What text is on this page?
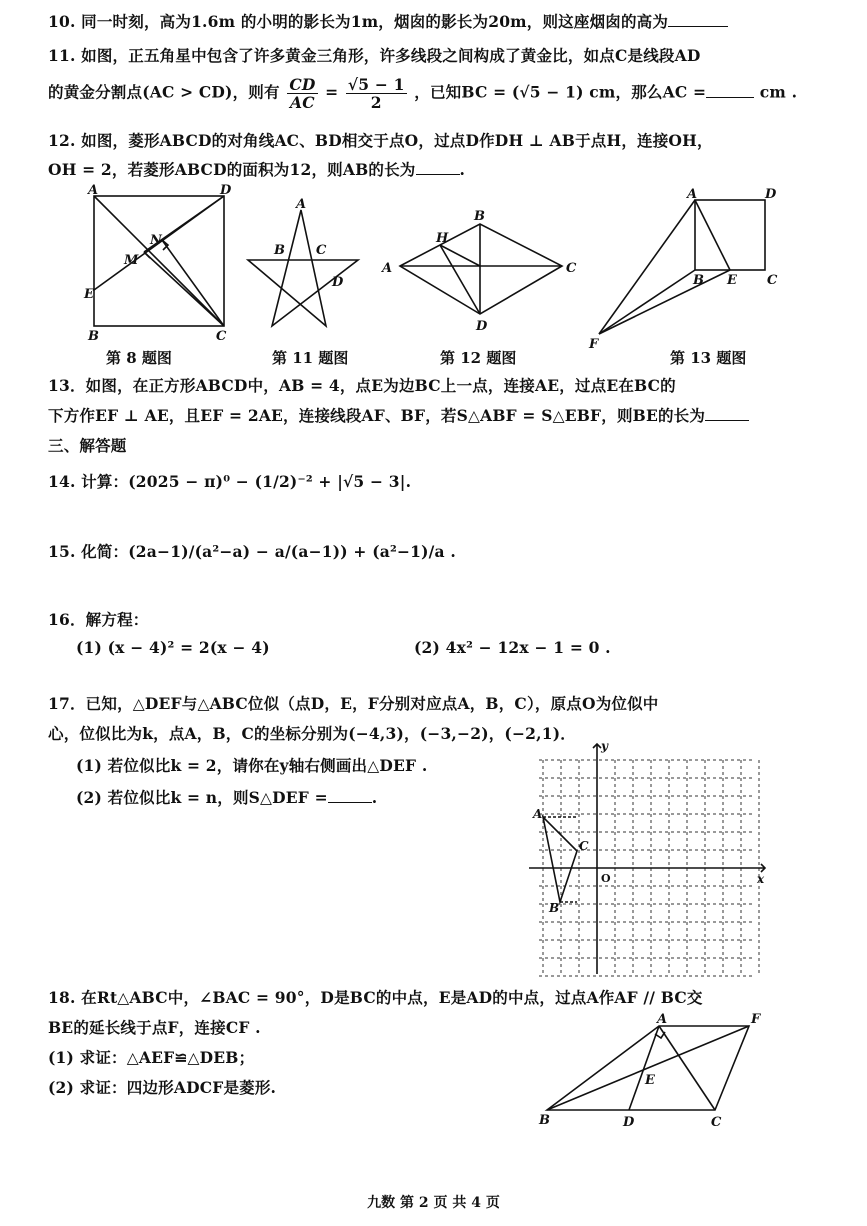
10. 同一时刻，高为1.6m 的小明的影长为1m，烟囱的影长为20m，则这座烟囱的高为
11. 如图，正五角星中包含了许多黄金三角形，许多线段之间构成了黄金比，如点C是线段AD
的黄金分割点(AC > CD)，则有 $\frac{CD}{AC} = \frac{√5 - 1}{2}$ ，已知BC = (√5 − 1) cm，那么AC =	cm .
12. 如图，菱形ABCD的对角线AC、BD相交于点O，过点D作DH ⊥ AB于点H，连接OH，
OH = 2，若菱形ABCD的面积为12，则AB的长为	.
A	D
E
B	C
M
N
A
B C
D
B
A	C
D
H
A	D
B E C
F
第 8 题图	第 11 题图	第 12 题图	第 13 题图
13．如图，在正方形ABCD中，AB = 4，点E为边BC上一点，连接AE，过点E在BC的
下方作EF ⊥ AE，且EF = 2AE，连接线段AF、BF，若S△ABF = S△EBF，则BE的长为
三、解答题
14. 计算：(2025 − π)⁰ − (1/2)⁻² + |√5 − 3|.
15. 化简：(2a−1)/(a²−a) − a/(a−1)) + (a²−1)/a .
16．解方程：
(1) (x − 4)² = 2(x − 4)	(2) 4x² − 12x − 1 = 0 .
17．已知，△DEF与△ABC位似（点D，E，F分别对应点A，B，C），原点O为位似中
心，位似比为k，点A，B，C的坐标分别为(−4,3)，(−3,−2)，(−2,1)．
(1) 若位似比k = 2，请你在y轴右侧画出△DEF .
(2) 若位似比k = n，则S△DEF =	.
y
x
O
A
B
C
18. 在Rt△ABC中，∠BAC = 90°，D是BC的中点，E是AD的中点，过点A作AF // BC交
BE的延长线于点F，连接CF .
(1) 求证：△AEF≌△DEB；
(2) 求证：四边形ADCF是菱形.
A	F
E
B	D	C
九数 第 2 页 共 4 页
